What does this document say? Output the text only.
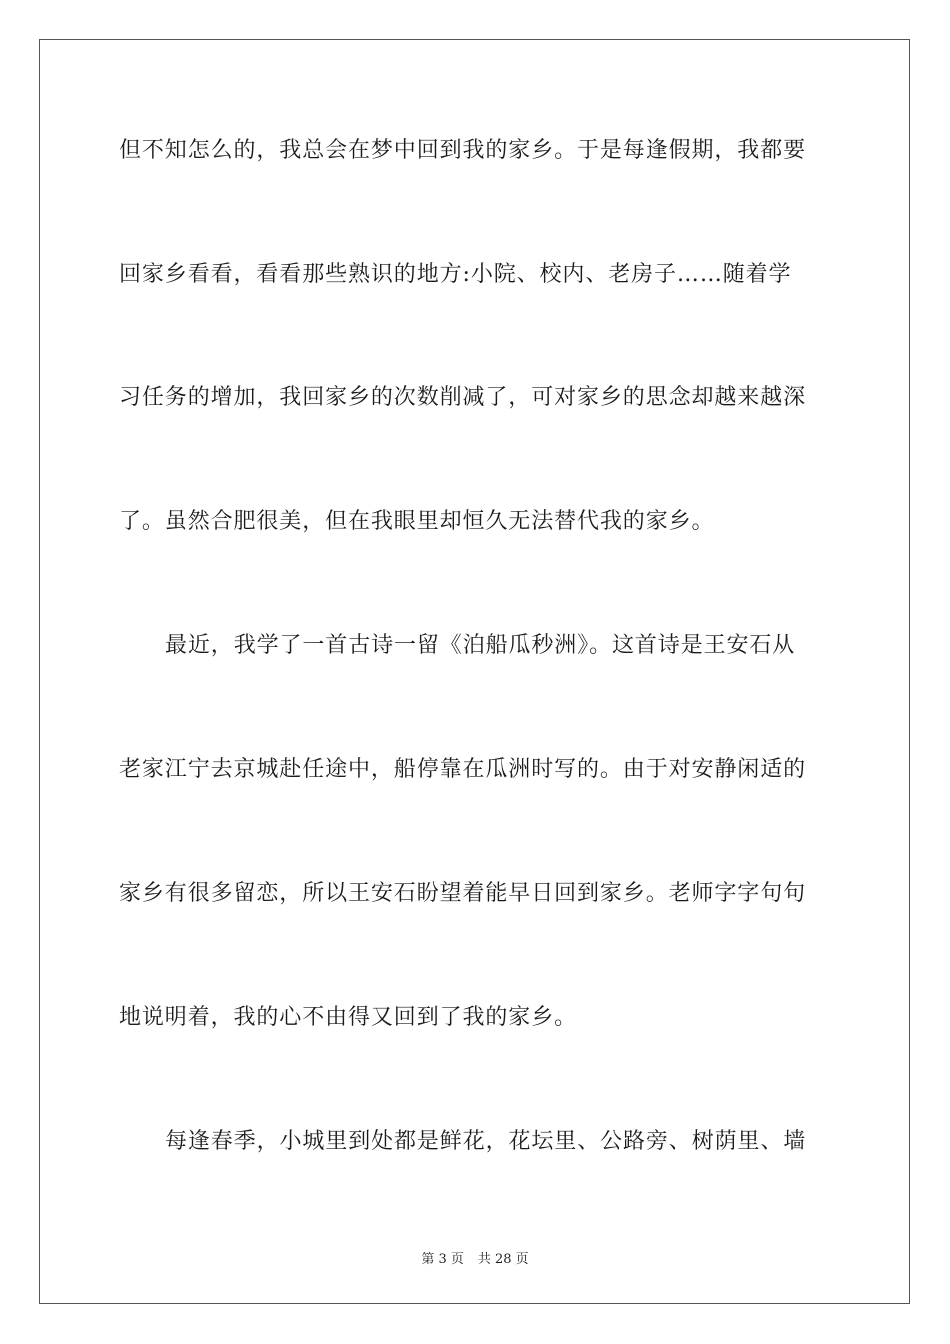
但不知怎么的，我总会在梦中回到我的家乡。于是每逢假期，我都要
回家乡看看，看看那些熟识的地方:小院、校内、老房子……随着学
习任务的增加，我回家乡的次数削减了，可对家乡的思念却越来越深
了。虽然合肥很美，但在我眼里却恒久无法替代我的家乡。
最近，我学了一首古诗一留《泊船瓜秒洲》。这首诗是王安石从
老家江宁去京城赴任途中，船停靠在瓜洲时写的。由于对安静闲适的
家乡有很多留恋，所以王安石盼望着能早日回到家乡。老师字字句句
地说明着，我的心不由得又回到了我的家乡。
每逢春季，小城里到处都是鲜花，花坛里、公路旁、树荫里、墙
第 3 页 共 28 页
